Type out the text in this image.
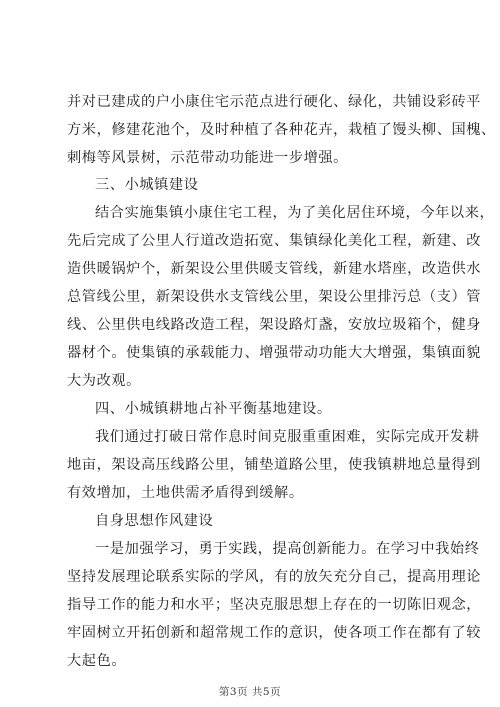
并对已建成的户小康住宅示范点进行硬化、绿化，共铺设彩砖平
方米，修建花池个，及时种植了各种花卉，栽植了馒头柳、国槐、
刺梅等风景树，示范带动功能进一步增强。
三、小城镇建设
结合实施集镇小康住宅工程，为了美化居住环境，今年以来，
先后完成了公里人行道改造拓宽、集镇绿化美化工程，新建、改
造供暖锅炉个，新架设公里供暖支管线，新建水塔座，改造供水
总管线公里，新架设供水支管线公里，架设公里排污总（支）管
线、公里供电线路改造工程，架设路灯盏，安放垃圾箱个，健身
器材个。使集镇的承载能力、增强带动功能大大增强，集镇面貌
大为改观。
四、小城镇耕地占补平衡基地建设。
我们通过打破日常作息时间克服重重困难，实际完成开发耕
地亩，架设高压线路公里，铺垫道路公里，使我镇耕地总量得到
有效增加，土地供需矛盾得到缓解。
自身思想作风建设
一是加强学习，勇于实践，提高创新能力。在学习中我始终
坚持发展理论联系实际的学风，有的放矢充分自己，提高用理论
指导工作的能力和水平；坚决克服思想上存在的一切陈旧观念，
牢固树立开拓创新和超常规工作的意识，使各项工作在都有了较
大起色。
第3页 共5页
